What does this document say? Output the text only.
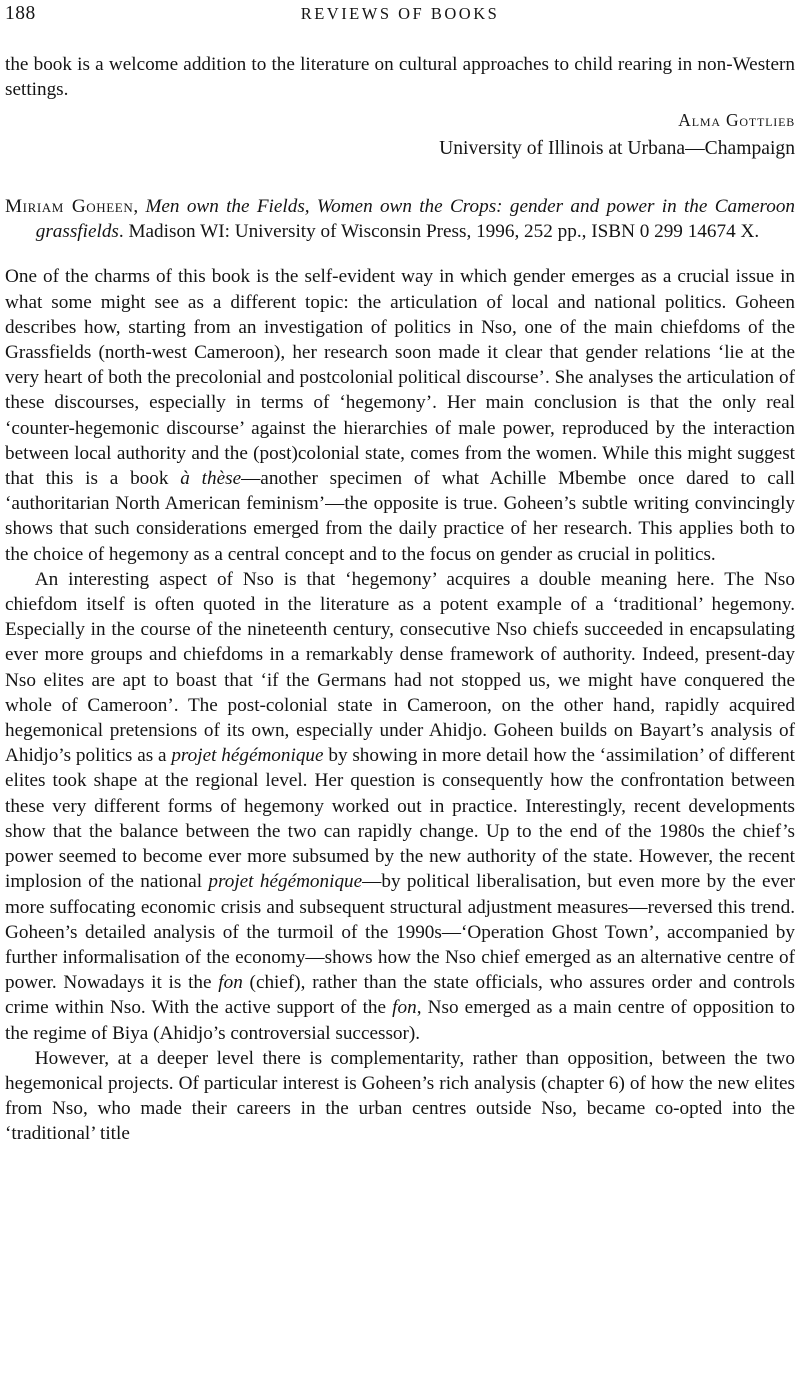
188	REVIEWS OF BOOKS

the book is a welcome addition to the literature on cultural approaches to child rearing in non-Western settings.

Alma Gottlieb
University of Illinois at Urbana—Champaign

Miriam Goheen, Men own the Fields, Women own the Crops: gender and power in the Cameroon grassfields. Madison WI: University of Wisconsin Press, 1996, 252 pp., ISBN 0 299 14674 X.

One of the charms of this book is the self-evident way in which gender emerges as a crucial issue in what some might see as a different topic: the articulation of local and national politics. Goheen describes how, starting from an investigation of politics in Nso, one of the main chiefdoms of the Grassfields (north-west Cameroon), her research soon made it clear that gender relations ‘lie at the very heart of both the precolonial and postcolonial political discourse’. She analyses the articulation of these discourses, especially in terms of ‘hegemony’. Her main conclusion is that the only real ‘counter-hegemonic discourse’ against the hierarchies of male power, reproduced by the interaction between local authority and the (post)colonial state, comes from the women. While this might suggest that this is a book à thèse—another specimen of what Achille Mbembe once dared to call ‘authoritarian North American feminism’—the opposite is true. Goheen’s subtle writing convincingly shows that such considerations emerged from the daily practice of her research. This applies both to the choice of hegemony as a central concept and to the focus on gender as crucial in politics.

An interesting aspect of Nso is that ‘hegemony’ acquires a double meaning here. The Nso chiefdom itself is often quoted in the literature as a potent example of a ‘traditional’ hegemony. Especially in the course of the nineteenth century, consecutive Nso chiefs succeeded in encapsulating ever more groups and chiefdoms in a remarkably dense framework of authority. Indeed, present-day Nso elites are apt to boast that ‘if the Germans had not stopped us, we might have conquered the whole of Cameroon’. The post-colonial state in Cameroon, on the other hand, rapidly acquired hegemonical pretensions of its own, especially under Ahidjo. Goheen builds on Bayart’s analysis of Ahidjo’s politics as a projet hégémonique by showing in more detail how the ‘assimilation’ of different elites took shape at the regional level. Her question is consequently how the confrontation between these very different forms of hegemony worked out in practice. Interestingly, recent developments show that the balance between the two can rapidly change. Up to the end of the 1980s the chief’s power seemed to become ever more subsumed by the new authority of the state. However, the recent implosion of the national projet hégémonique—by political liberalisation, but even more by the ever more suffocating economic crisis and subsequent structural adjustment measures—reversed this trend. Goheen’s detailed analysis of the turmoil of the 1990s—‘Operation Ghost Town’, accompanied by further informalisation of the economy—shows how the Nso chief emerged as an alternative centre of power. Nowadays it is the fon (chief), rather than the state officials, who assures order and controls crime within Nso. With the active support of the fon, Nso emerged as a main centre of opposition to the regime of Biya (Ahidjo’s controversial successor).

However, at a deeper level there is complementarity, rather than opposition, between the two hegemonical projects. Of particular interest is Goheen’s rich analysis (chapter 6) of how the new elites from Nso, who made their careers in the urban centres outside Nso, became co-opted into the ‘traditional’ title
